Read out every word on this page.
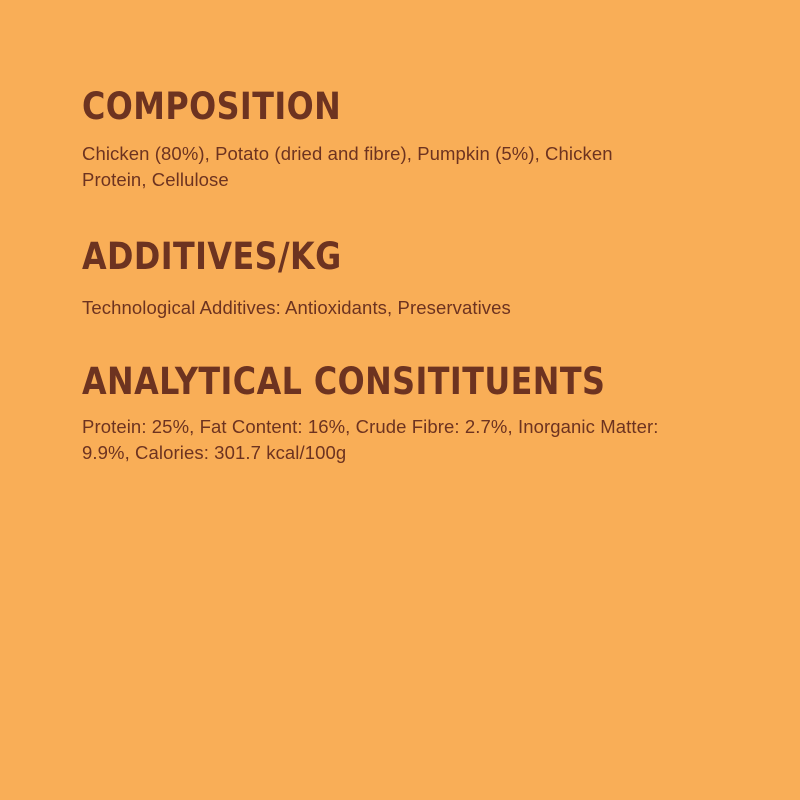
COMPOSITION

Chicken (80%), Potato (dried and fibre), Pumpkin (5%), Chicken Protein, Cellulose

ADDITIVES/KG

Technological Additives: Antioxidants, Preservatives

ANALYTICAL CONSITITUENTS

Protein: 25%, Fat Content: 16%, Crude Fibre: 2.7%, Inorganic Matter: 9.9%, Calories: 301.7 kcal/100g
